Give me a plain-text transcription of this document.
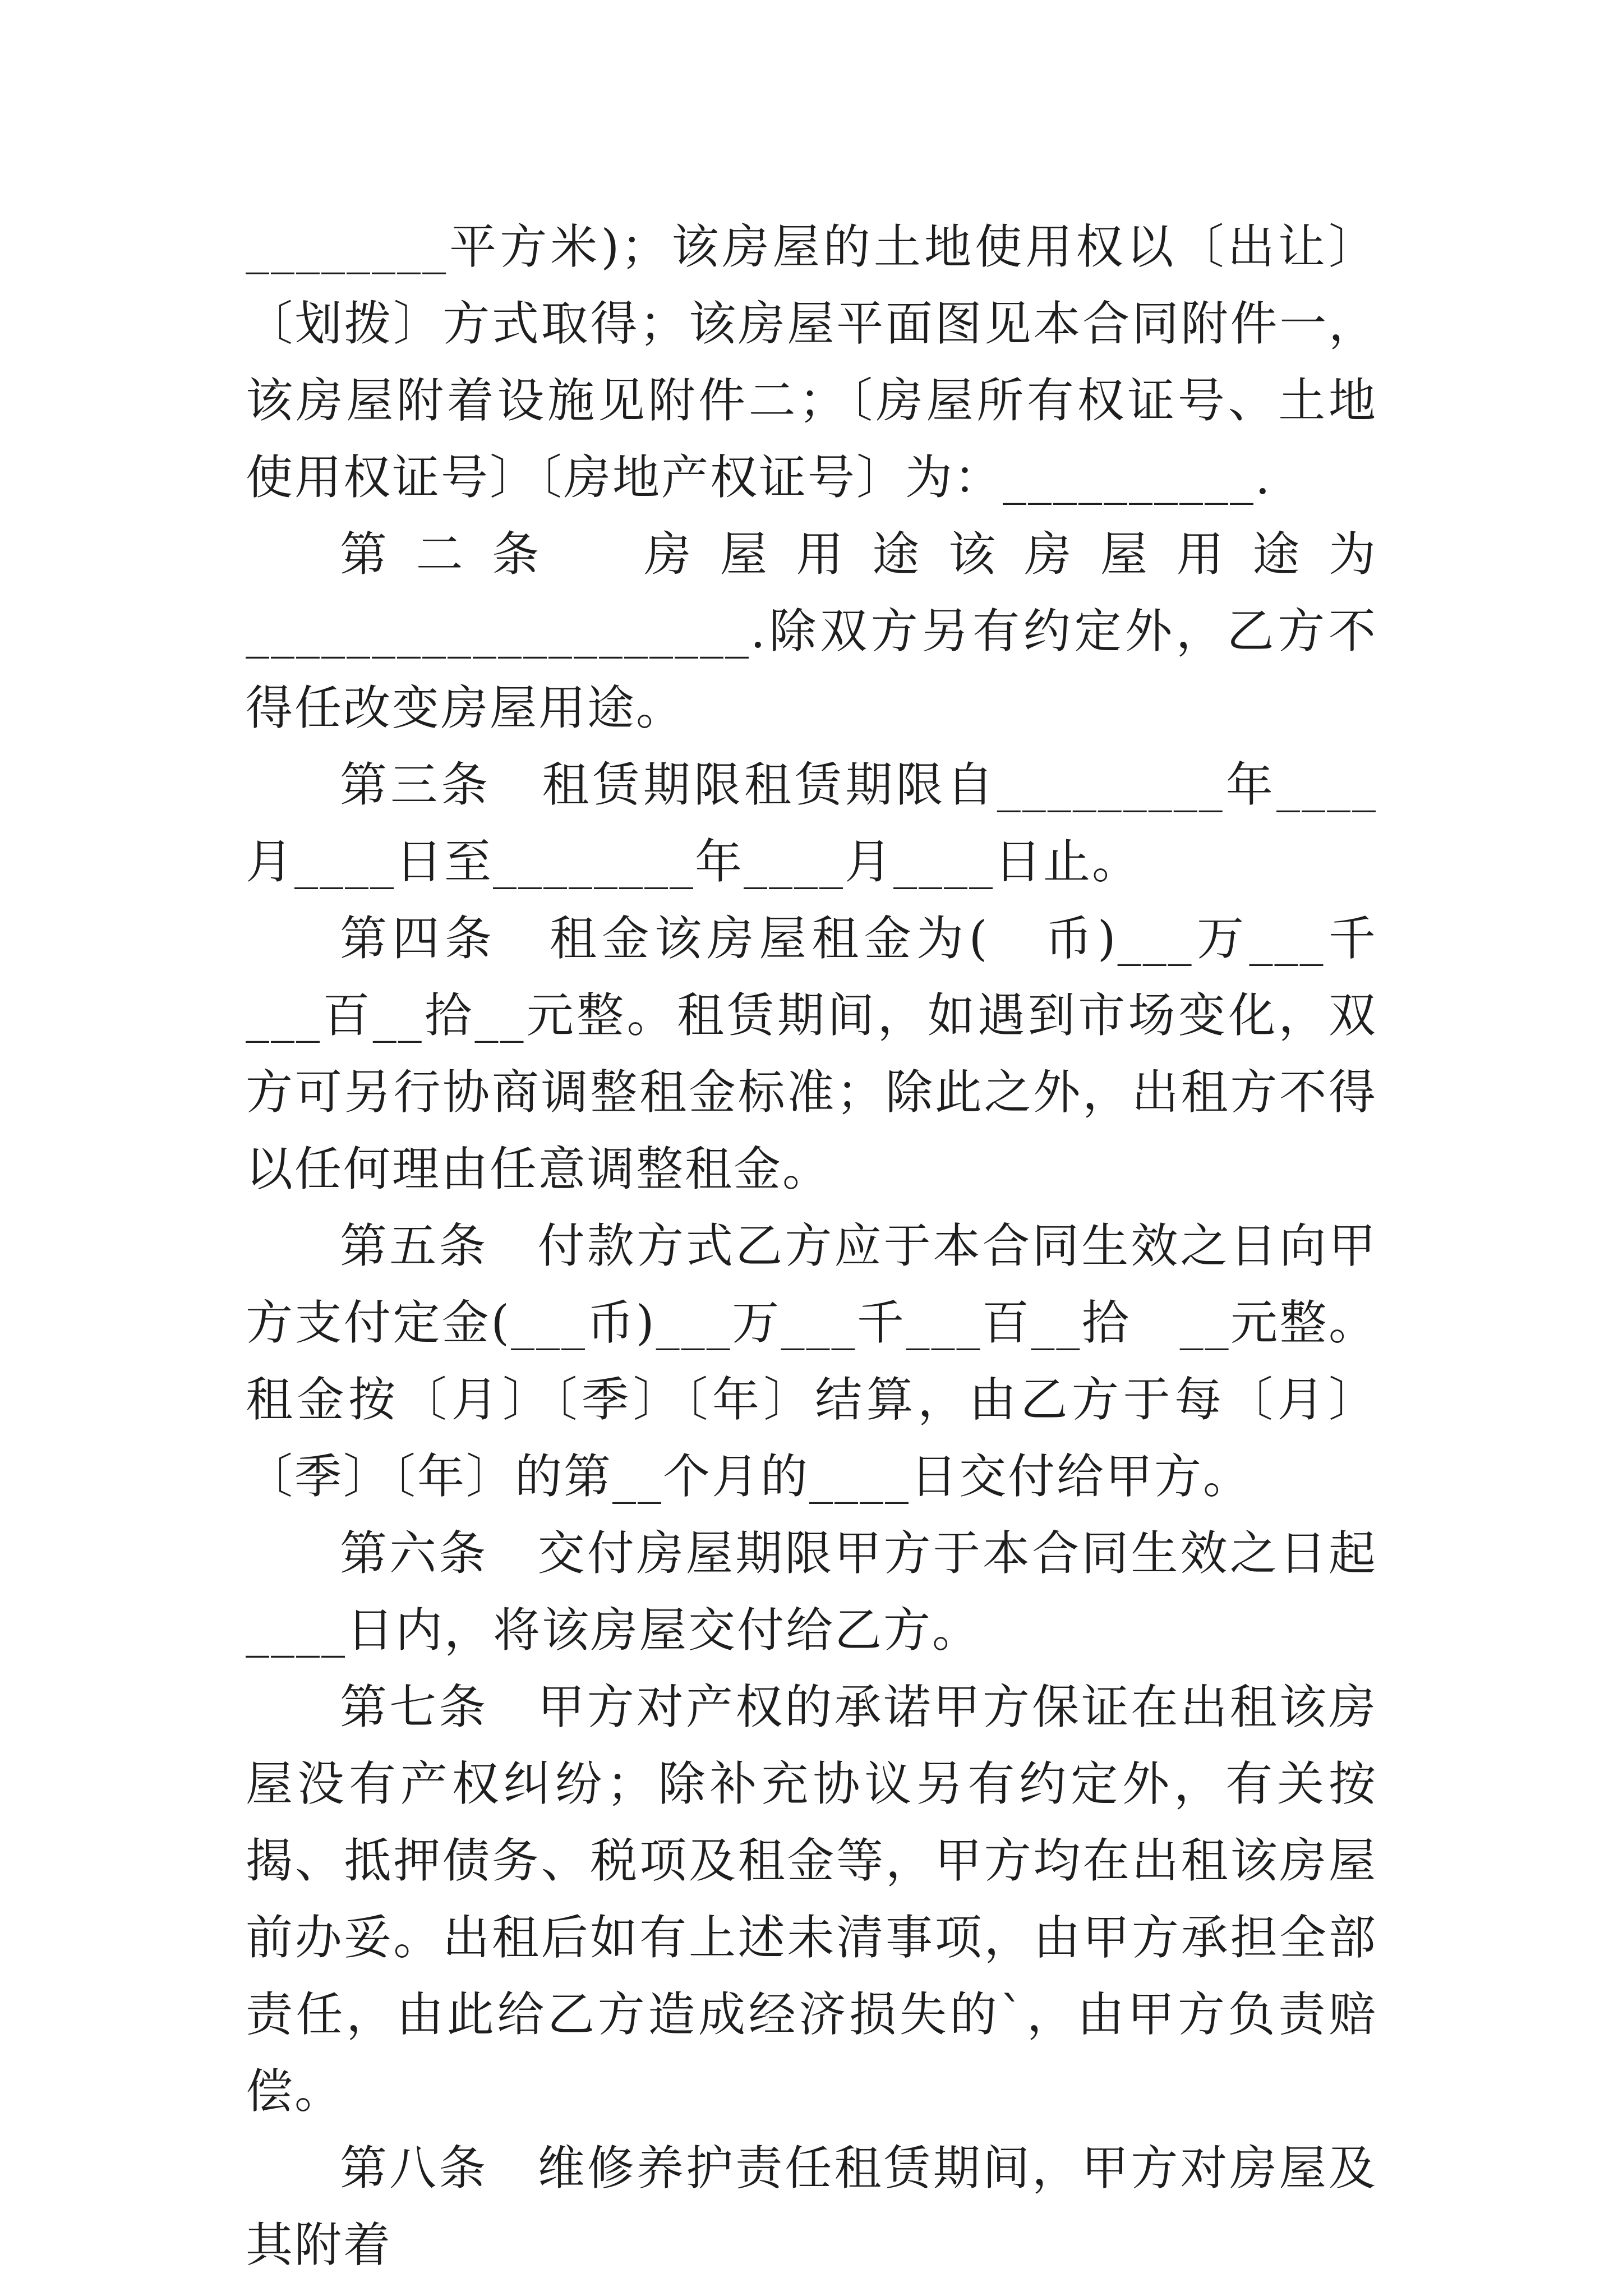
________平方米)；该房屋的土地使用权以〔出让〕〔划拨〕方式取得；该房屋平面图见本合同附件一，该房屋附着设施见附件二；〔房屋所有权证号、土地使用权证号〕〔房地产权证号〕为：__________.

第二条　房屋用途该房屋用途为____________________.除双方另有约定外，乙方不得任改变房屋用途。

第三条　租赁期限租赁期限自_________年____月____日至________年____月____日止。

第四条　租金该房屋租金为(　币)___万___千___百__拾__元整。租赁期间，如遇到市场变化，双方可另行协商调整租金标准；除此之外，出租方不得以任何理由任意调整租金。

第五条　付款方式乙方应于本合同生效之日向甲方支付定金(___币)___万___千___百__拾　__元整。租金按〔月〕〔季〕〔年〕结算，由乙方于每〔月〕〔季〕〔年〕的第__个月的____日交付给甲方。

第六条　交付房屋期限甲方于本合同生效之日起____日内，将该房屋交付给乙方。

第七条　甲方对产权的承诺甲方保证在出租该房屋没有产权纠纷；除补充协议另有约定外，有关按揭、抵押债务、税项及租金等，甲方均在出租该房屋前办妥。出租后如有上述未清事项，由甲方承担全部责任，由此给乙方造成经济损失的`，由甲方负责赔偿。

第八条　维修养护责任租赁期间，甲方对房屋及其附着
